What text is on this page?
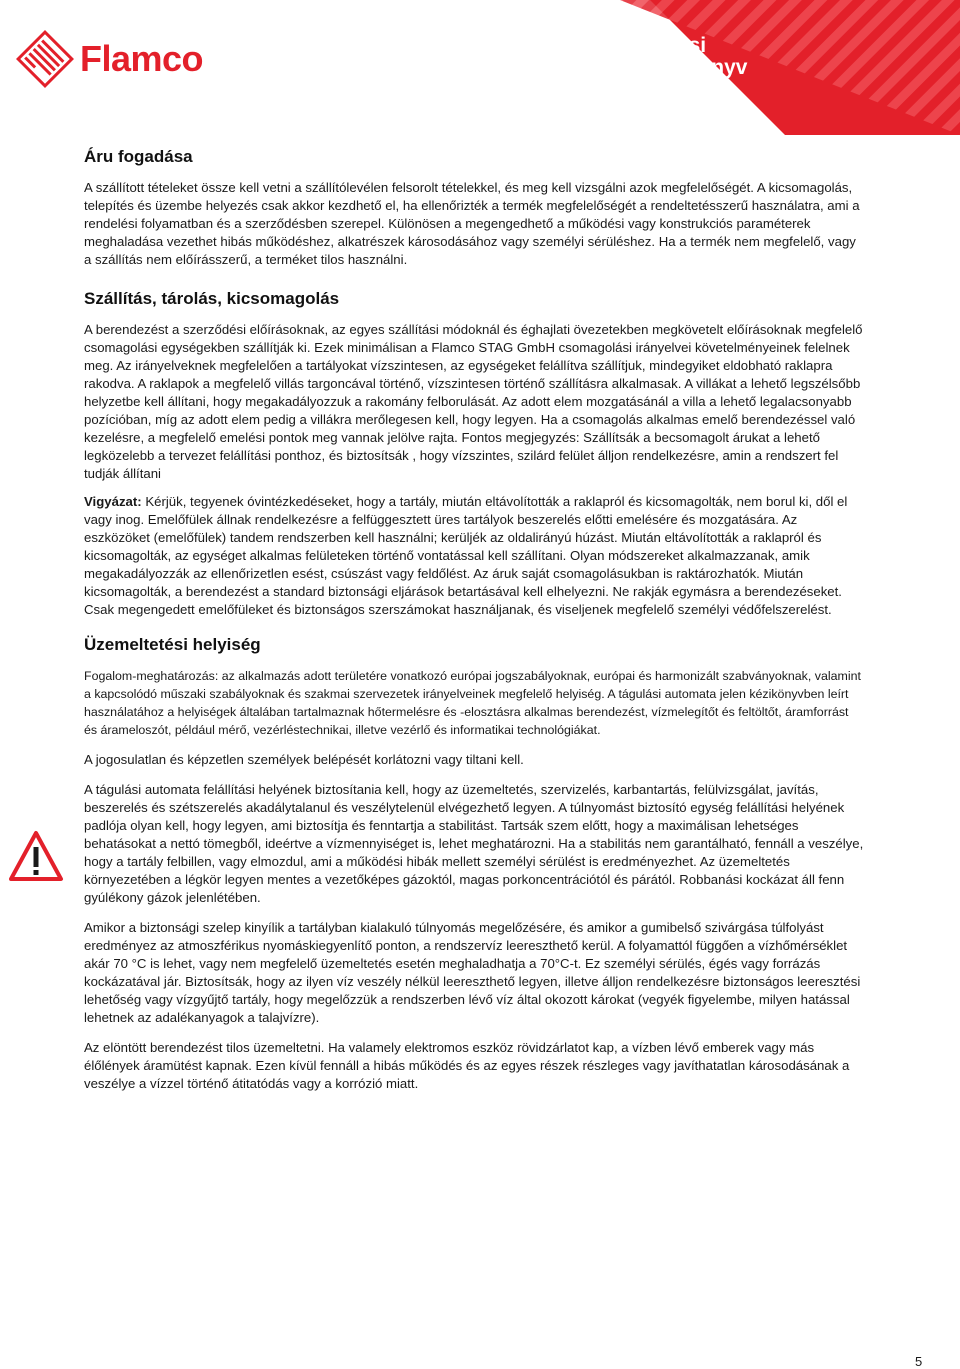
Flamco	Flamcomat® Telepítési
és üzemeltetési kézikönyv
Áru fogadása

A szállított tételeket össze kell vetni a szállítólevélen felsorolt tételekkel, és meg kell vizsgálni azok megfelelőségét. A kicsomagolás, telepítés és üzembe helyezés csak akkor kezdhető el, ha ellenőrizték a termék megfelelőségét a rendeltetésszerű használatra, ami a rendelési folyamatban és a szerződésben szerepel. Különösen a megengedhető a működési vagy konstrukciós paraméterek meghaladása vezethet hibás működéshez, alkatrészek károsodásához vagy személyi sérüléshez. Ha a termék nem megfelelő, vagy a szállítás nem előírásszerű, a terméket tilos használni.

Szállítás, tárolás, kicsomagolás

A berendezést a szerződési előírásoknak, az egyes szállítási módoknál és éghajlati övezetekben megkövetelt előírásoknak megfelelő csomagolási egységekben szállítják ki. Ezek minimálisan a Flamco STAG GmbH csomagolási irányelvei követelményeinek felelnek meg. Az irányelveknek megfelelően a tartályokat vízszintesen, az egységeket felállítva szállítjuk, mindegyiket eldobható raklapra rakodva. A raklapok a megfelelő villás targoncával történő, vízszintesen történő szállításra alkalmasak. A villákat a lehető legszélsőbb helyzetbe kell állítani, hogy megakadályozzuk a rakomány felborulását. Az adott elem mozgatásánál a villa a lehető legalacsonyabb pozícióban, míg az adott elem pedig a villákra merőlegesen kell, hogy legyen. Ha a csomagolás alkalmas emelő berendezéssel való kezelésre, a megfelelő emelési pontok meg vannak jelölve rajta. Fontos megjegyzés: Szállítsák a becsomagolt árukat a lehető legközelebb a tervezet felállítási ponthoz, és biztosítsák , hogy vízszintes, szilárd felület álljon rendelkezésre, amin a rendszert fel tudják állítani

Vigyázat: Kérjük, tegyenek óvintézkedéseket, hogy a tartály, miután eltávolították a raklapról és kicsomagolták, nem borul ki, dől el vagy inog. Emelőfülek állnak rendelkezésre a felfüggesztett üres tartályok beszerelés előtti emelésére és mozgatására. Az eszközöket (emelőfülek) tandem rendszerben kell használni; kerüljék az oldalirányú húzást. Miután eltávolították a raklapról és kicsomagolták, az egységet alkalmas felületeken történő vontatással kell szállítani. Olyan módszereket alkalmazzanak, amik megakadályozzák az ellenőrizetlen esést, csúszást vagy feldőlést. Az áruk saját csomagolásukban is raktározhatók. Miután kicsomagolták, a berendezést a standard biztonsági eljárások betartásával kell elhelyezni. Ne rakják egymásra a berendezéseket. Csak megengedett emelőfüleket és biztonságos szerszámokat használjanak, és viseljenek megfelelő személyi védőfelszerelést.

Üzemeltetési helyiség

Fogalom-meghatározás: az alkalmazás adott területére vonatkozó európai jogszabályoknak, európai és harmonizált szabványoknak, valamint a kapcsolódó műszaki szabályoknak és szakmai szervezetek irányelveinek megfelelő helyiség. A tágulási automata jelen kézikönyvben leírt használatához a helyiségek általában tartalmaznak hőtermelésre és -elosztásra alkalmas berendezést, vízmelegítőt és feltöltőt, áramforrást és árameloszót, például mérő, vezérléstechnikai, illetve vezérlő és informatikai technológiákat.

A jogosulatlan és képzetlen személyek belépését korlátozni vagy tiltani kell.

A tágulási automata felállítási helyének biztosítania kell, hogy az üzemeltetés, szervizelés, karbantartás, felülvizsgálat, javítás, beszerelés és szétszerelés akadálytalanul és veszélytelenül elvégezhető legyen. A túlnyomást biztosító egység felállítási helyének padlója olyan kell, hogy legyen, ami biztosítja és fenntartja a stabilitást. Tartsák szem előtt, hogy a maximálisan lehetséges behatásokat a nettó tömegből, ideértve a vízmennyiséget is, lehet meghatározni. Ha a stabilitás nem garantálható, fennáll a veszélye, hogy a tartály felbillen, vagy elmozdul, ami a működési hibák mellett személyi sérülést is eredményezhet. Az üzemeltetés környezetében a légkör legyen mentes a vezetőképes gázoktól, magas porkoncentrációtól és párától. Robbanási kockázat áll fenn gyúlékony gázok jelenlétében.

Amikor a biztonsági szelep kinyílik a tartályban kialakuló túlnyomás megelőzésére, és amikor a gumibelső szivárgása túlfolyást eredményez az atmoszférikus nyomáskiegyenlítő ponton, a rendszervíz leereszthető kerül. A folyamattól függően a vízhőmérséklet akár 70 °C is lehet, vagy nem megfelelő üzemeltetés esetén meghaladhatja a 70°C-t. Ez személyi sérülés, égés vagy forrázás kockázatával jár. Biztosítsák, hogy az ilyen víz veszély nélkül leereszthető legyen, illetve álljon rendelkezésre biztonságos leeresztési lehetőség vagy vízgyűjtő tartály, hogy megelőzzük a rendszerben lévő víz által okozott károkat (vegyék figyelembe, milyen hatással lehetnek az adalékanyagok a talajvízre).

Az elöntött berendezést tilos üzemeltetni. Ha valamely elektromos eszköz rövidzárlatot kap, a vízben lévő emberek vagy más élőlények áramütést kapnak. Ezen kívül fennáll a hibás működés és az egyes részek részleges vagy javíthatatlan károsodásának a veszélye a vízzel történő átitatódás vagy a korrózió miatt.

5
